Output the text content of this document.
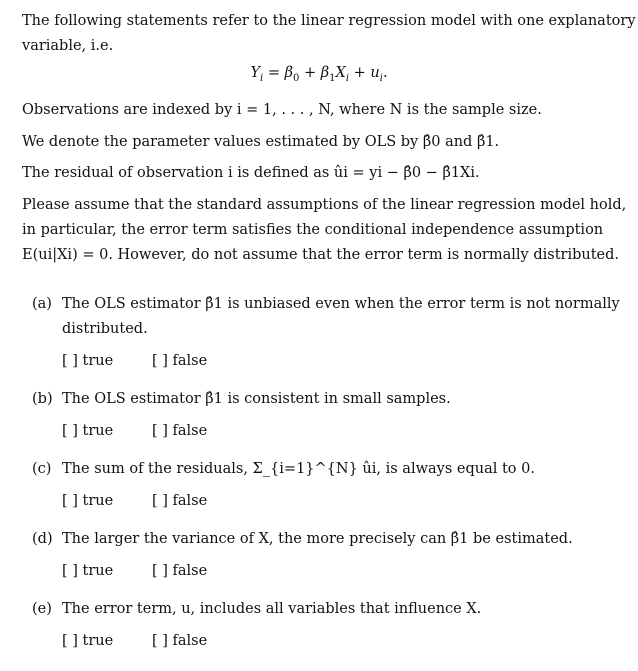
The following statements refer to the linear regression model with one explanatory
variable, i.e.
$Y_i = \beta_0 + \beta_1X_i + u_i$.
Observations are indexed by i = 1, . . . , N, where N is the sample size.
We denote the parameter values estimated by OLS by β̂0 and β̂1.
The residual of observation i is defined as ûi = yi − β̂0 − β̂1Xi.
Please assume that the standard assumptions of the linear regression model hold,
in particular, the error term satisfies the conditional independence assumption
E(ui|Xi) = 0. However, do not assume that the error term is normally distributed.
(a) The OLS estimator β̂1 is unbiased even when the error term is not normally
distributed.
[ ] true	[ ] false
(b) The OLS estimator β̂1 is consistent in small samples.
[ ] true	[ ] false
(c) The sum of the residuals, Σ_{i=1}^{N} ûi, is always equal to 0.
[ ] true	[ ] false
(d) The larger the variance of X, the more precisely can β̂1 be estimated.
[ ] true	[ ] false
(e) The error term, u, includes all variables that influence X.
[ ] true	[ ] false
